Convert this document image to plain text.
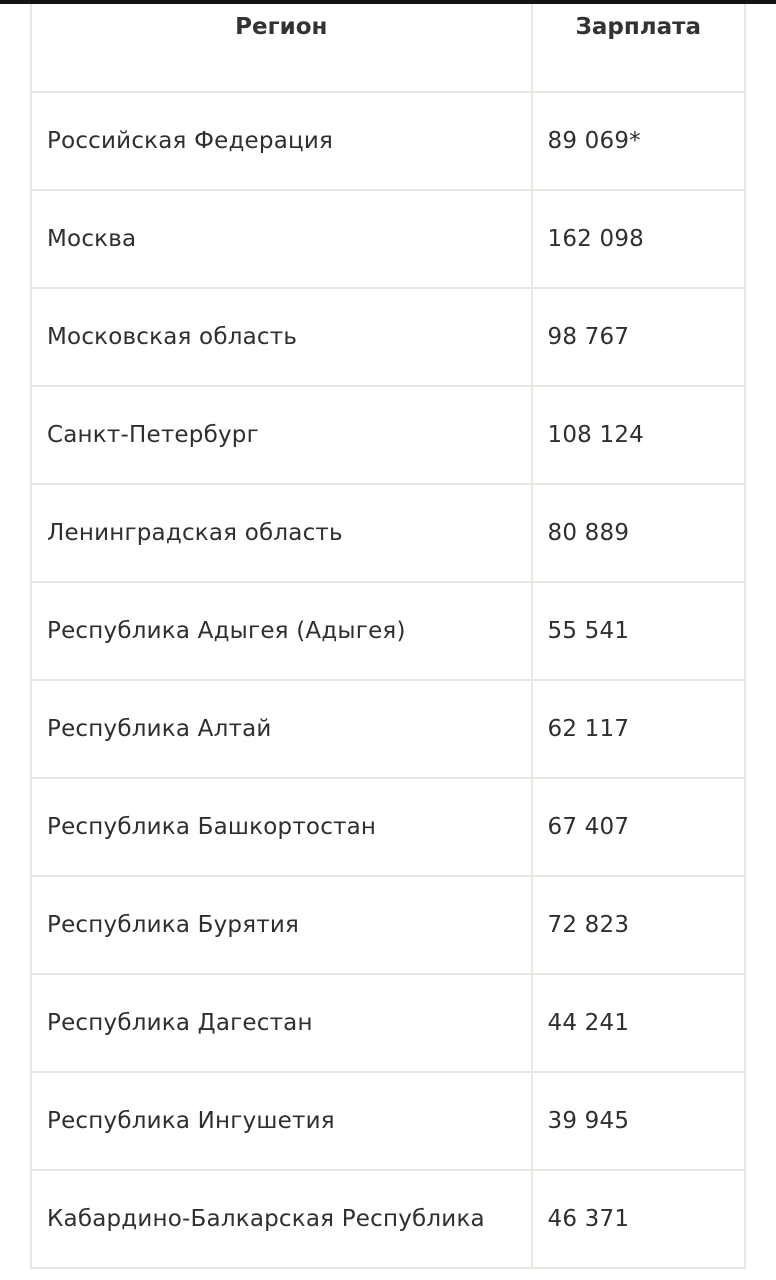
Регион	Зарплата
Российская Федерация	89 069*
Москва	162 098
Московская область	98 767
Санкт-Петербург	108 124
Ленинградская область	80 889
Республика Адыгея (Адыгея)	55 541
Республика Алтай	62 117
Республика Башкортостан	67 407
Республика Бурятия	72 823
Республика Дагестан	44 241
Республика Ингушетия	39 945
Кабардино-Балкарская Республика	46 371
